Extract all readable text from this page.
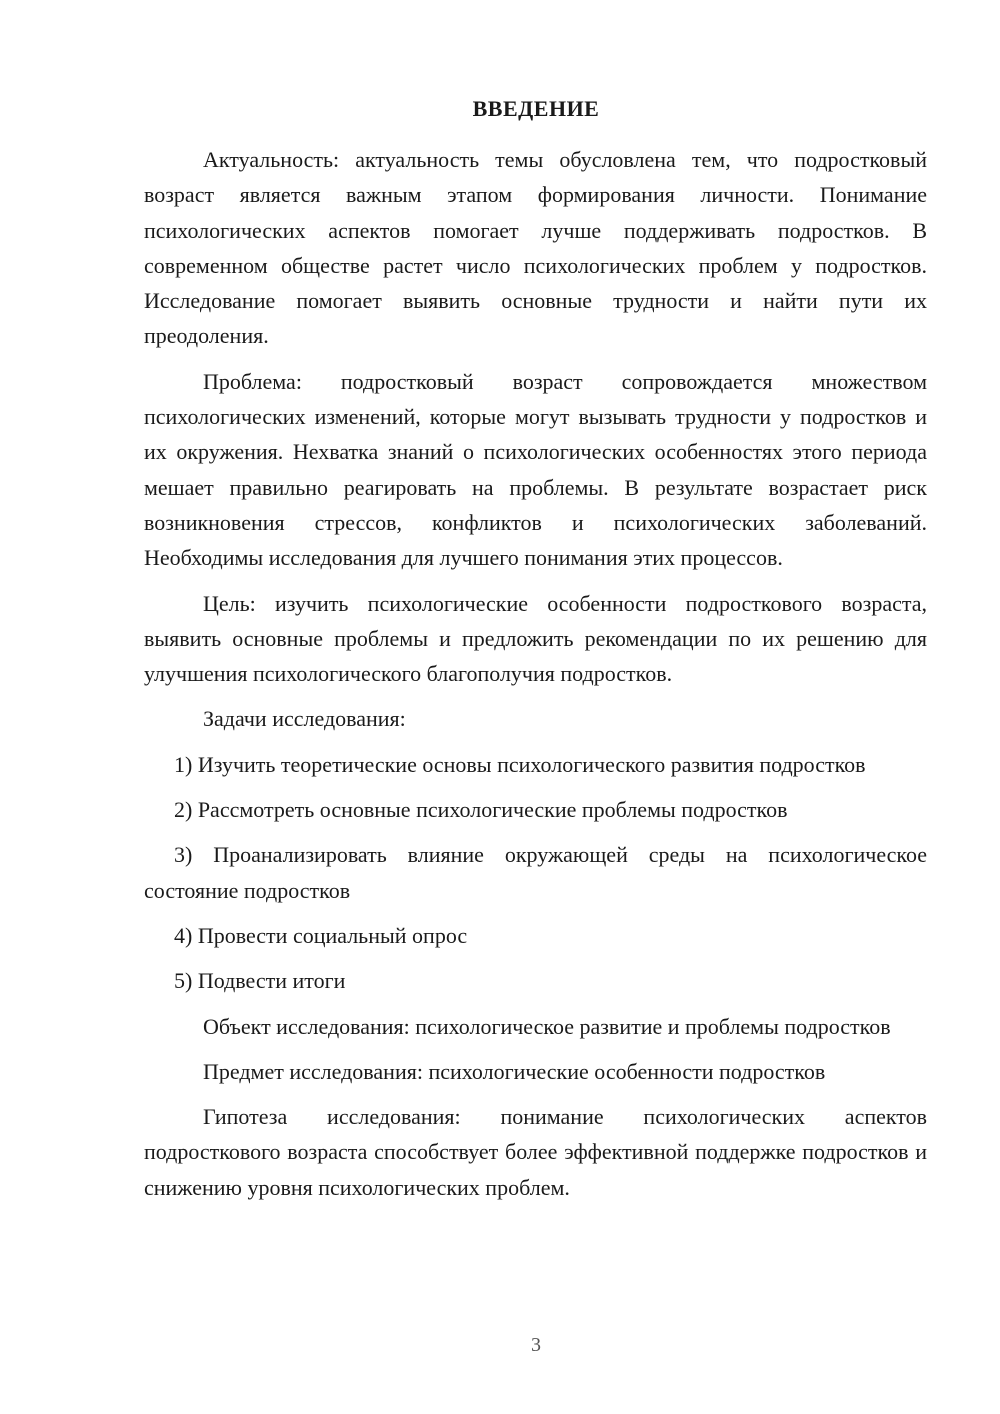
ВВЕДЕНИЕ

Актуальность: актуальность темы обусловлена тем, что подростковый возраст является важным этапом формирования личности. Понимание психологических аспектов помогает лучше поддерживать подростков. В современном обществе растет число психологических проблем у подростков. Исследование помогает выявить основные трудности и найти пути их преодоления.

Проблема: подростковый возраст сопровождается множеством психологических изменений, которые могут вызывать трудности у подростков и их окружения. Нехватка знаний о психологических особенностях этого периода мешает правильно реагировать на проблемы. В результате возрастает риск возникновения стрессов, конфликтов и психологических заболеваний. Необходимы исследования для лучшего понимания этих процессов.

Цель: изучить психологические особенности подросткового возраста, выявить основные проблемы и предложить рекомендации по их решению для улучшения психологического благополучия подростков.

Задачи исследования:

1) Изучить теоретические основы психологического развития подростков

2) Рассмотреть основные психологические проблемы подростков

3) Проанализировать влияние окружающей среды на психологическое состояние подростков

4) Провести социальный опрос

5) Подвести итоги

Объект исследования: психологическое развитие и проблемы подростков

Предмет исследования: психологические особенности подростков

Гипотеза исследования: понимание психологических аспектов подросткового возраста способствует более эффективной поддержке подростков и снижению уровня психологических проблем.

3
